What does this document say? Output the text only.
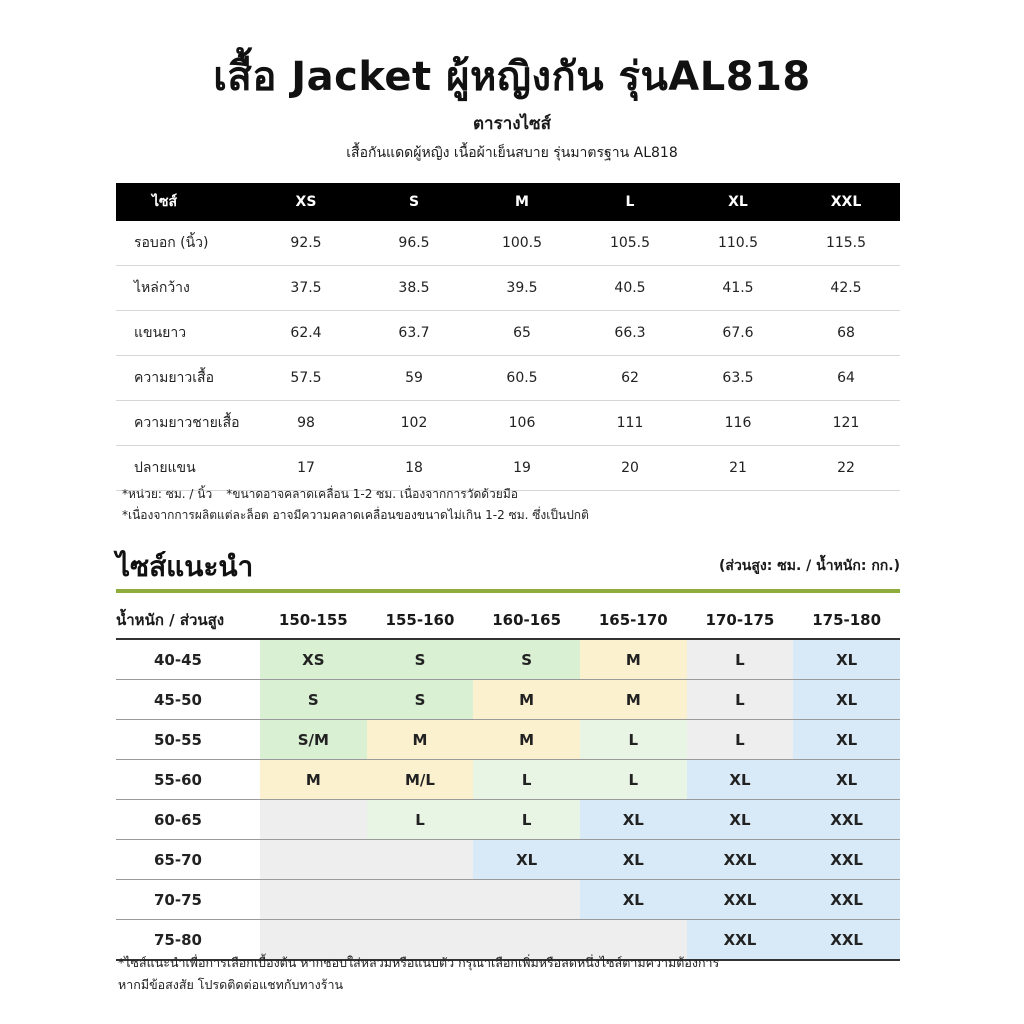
เสื้อ Jacket ผู้หญิงกัน รุ่นAL818
ตารางไซส์
เสื้อกันแดดผู้หญิง เนื้อผ้าเย็นสบาย รุ่นมาตรฐาน AL818
ไซส์	XS	S	M	L	XL	XXL
รอบอก (นิ้ว)	92.5	96.5	100.5	105.5	110.5	115.5
ไหล่กว้าง	37.5	38.5	39.5	40.5	41.5	42.5
แขนยาว	62.4	63.7	65	66.3	67.6	68
ความยาวเสื้อ	57.5	59	60.5	62	63.5	64
ความยาวชายเสื้อ	98	102	106	111	116	121
ปลายแขน	17	18	19	20	21	22
*หน่วย: ซม. / นิ้ว *ขนาดอาจคลาดเคลื่อน 1-2 ซม. เนื่องจากการวัดด้วยมือ
*เนื่องจากการผลิตแต่ละล็อต อาจมีความคลาดเคลื่อนของขนาดไม่เกิน 1-2 ซม. ซึ่งเป็นปกติ
ไซส์แนะนำ	(ส่วนสูง: ซม. / น้ำหนัก: กก.)
น้ำหนัก / ส่วนสูง	150-155	155-160	160-165	165-170	170-175	175-180
40-45	XS	S	S	M	L	XL
45-50	S	S	M	M	L	XL
50-55	S/M	M	M	L	L	XL
55-60	M	M/L	L	L	XL	XL
60-65		L	L	XL	XL	XXL
65-70			XL	XL	XXL	XXL
70-75				XL	XXL	XXL
75-80					XXL	XXL
*ไซส์แนะนำเพื่อการเลือกเบื้องต้น หากชอบใส่หลวมหรือแนบตัว กรุณาเลือกเพิ่มหรือลดหนึ่งไซส์ตามความต้องการ
หากมีข้อสงสัย โปรดติดต่อแชทกับทางร้าน
